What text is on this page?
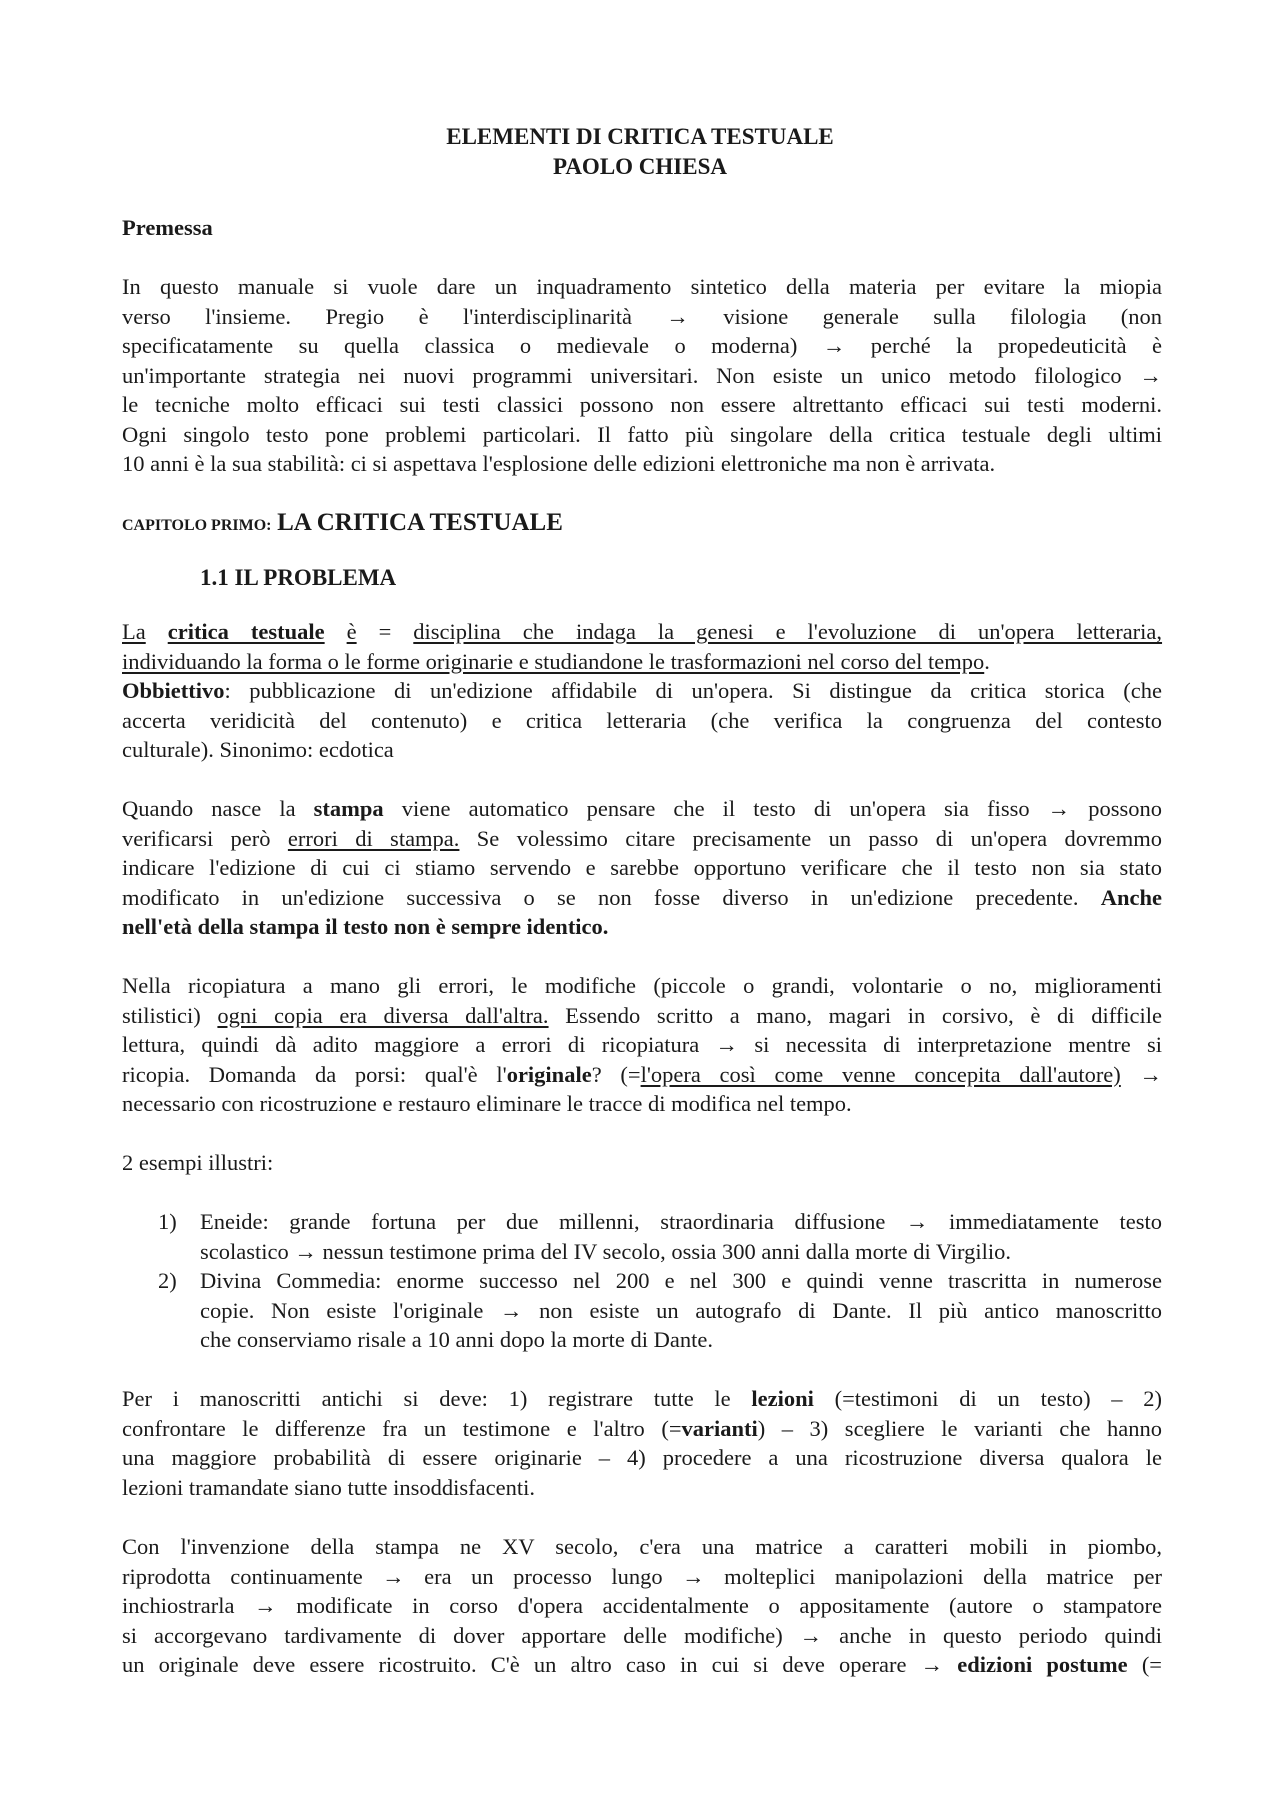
ELEMENTI DI CRITICA TESTUALE
PAOLO CHIESA
Premessa
In questo manuale si vuole dare un inquadramento sintetico della materia per evitare la miopia
verso l'insieme. Pregio è l'interdisciplinarità → visione generale sulla filologia (non
specificatamente su quella classica o medievale o moderna) → perché la propedeuticità è
un'importante strategia nei nuovi programmi universitari. Non esiste un unico metodo filologico →
le tecniche molto efficaci sui testi classici possono non essere altrettanto efficaci sui testi moderni.
Ogni singolo testo pone problemi particolari. Il fatto più singolare della critica testuale degli ultimi
10 anni è la sua stabilità: ci si aspettava l'esplosione delle edizioni elettroniche ma non è arrivata.
CAPITOLO PRIMO: LA CRITICA TESTUALE
1.1 IL PROBLEMA
La critica testuale è = disciplina che indaga la genesi e l'evoluzione di un'opera letteraria,
individuando la forma o le forme originarie e studiandone le trasformazioni nel corso del tempo.
Obbiettivo: pubblicazione di un'edizione affidabile di un'opera. Si distingue da critica storica (che
accerta veridicità del contenuto) e critica letteraria (che verifica la congruenza del contesto
culturale). Sinonimo: ecdotica
Quando nasce la stampa viene automatico pensare che il testo di un'opera sia fisso → possono
verificarsi però errori di stampa. Se volessimo citare precisamente un passo di un'opera dovremmo
indicare l'edizione di cui ci stiamo servendo e sarebbe opportuno verificare che il testo non sia stato
modificato in un'edizione successiva o se non fosse diverso in un'edizione precedente. Anche
nell'età della stampa il testo non è sempre identico.
Nella ricopiatura a mano gli errori, le modifiche (piccole o grandi, volontarie o no, miglioramenti
stilistici) ogni copia era diversa dall'altra. Essendo scritto a mano, magari in corsivo, è di difficile
lettura, quindi dà adito maggiore a errori di ricopiatura → si necessita di interpretazione mentre si
ricopia. Domanda da porsi: qual'è l'originale? (=l'opera così come venne concepita dall'autore) →
necessario con ricostruzione e restauro eliminare le tracce di modifica nel tempo.
2 esempi illustri:
1) Eneide: grande fortuna per due millenni, straordinaria diffusione → immediatamente testo
scolastico → nessun testimone prima del IV secolo, ossia 300 anni dalla morte di Virgilio.
2) Divina Commedia: enorme successo nel 200 e nel 300 e quindi venne trascritta in numerose
copie. Non esiste l'originale → non esiste un autografo di Dante. Il più antico manoscritto
che conserviamo risale a 10 anni dopo la morte di Dante.
Per i manoscritti antichi si deve: 1) registrare tutte le lezioni (=testimoni di un testo) – 2)
confrontare le differenze fra un testimone e l'altro (=varianti) – 3) scegliere le varianti che hanno
una maggiore probabilità di essere originarie – 4) procedere a una ricostruzione diversa qualora le
lezioni tramandate siano tutte insoddisfacenti.
Con l'invenzione della stampa ne XV secolo, c'era una matrice a caratteri mobili in piombo,
riprodotta continuamente → era un processo lungo → molteplici manipolazioni della matrice per
inchiostrarla → modificate in corso d'opera accidentalmente o appositamente (autore o stampatore
si accorgevano tardivamente di dover apportare delle modifiche) → anche in questo periodo quindi
un originale deve essere ricostruito. C'è un altro caso in cui si deve operare → edizioni postume (=
